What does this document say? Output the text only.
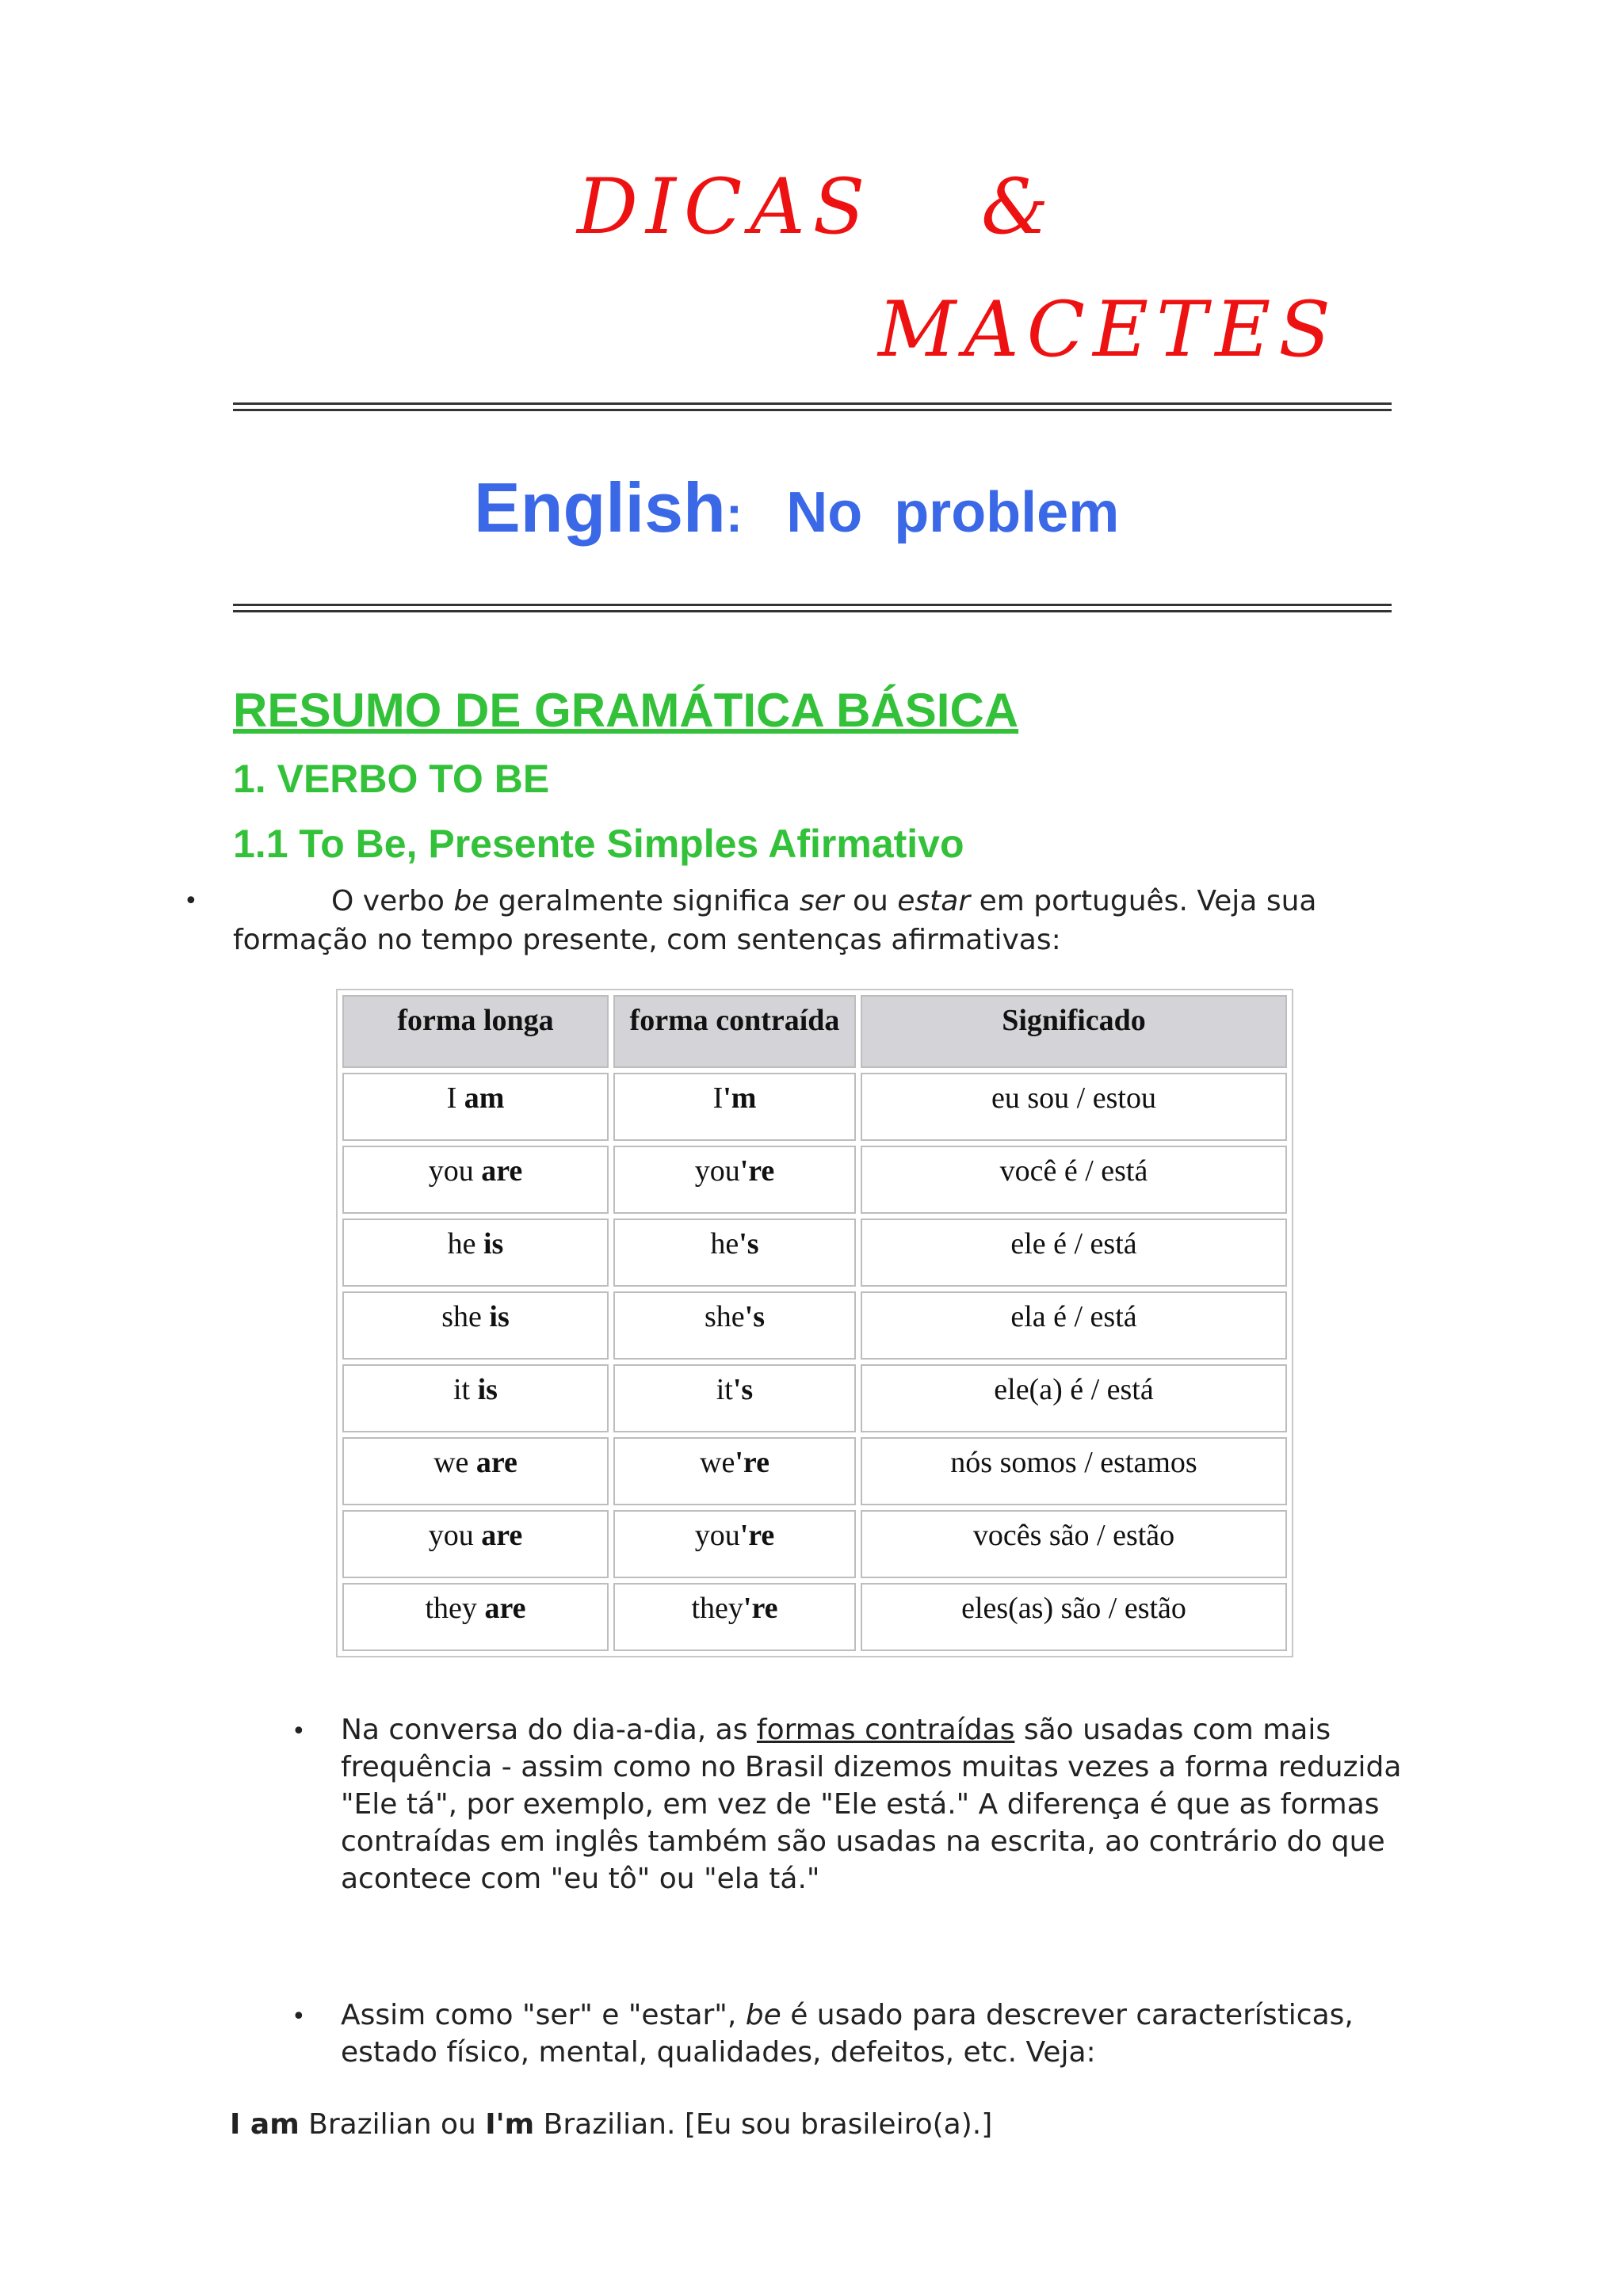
DICAS &
MACETES
English: No  problem
RESUMO DE GRAMÁTICA BÁSICA
1. VERBO TO BE
1.1 To Be, Presente Simples Afirmativo
•	O verbo be geralmente significa ser ou estar em português. Veja sua
formação no tempo presente, com sentenças afirmativas:
forma longa	forma contraída	Significado
I am	I'm	eu sou / estou
you are	you're	você é / está
he is	he's	ele é / está
she is	she's	ela é / está
it is	it's	ele(a) é / está
we are	we're	nós somos / estamos
you are	you're	vocês são / estão
they are	they're	eles(as) são / estão
• Na conversa do dia-a-dia, as formas contraídas são usadas com mais
frequência - assim como no Brasil dizemos muitas vezes a forma reduzida
"Ele tá", por exemplo, em vez de "Ele está." A diferença é que as formas
contraídas em inglês também são usadas na escrita, ao contrário do que
acontece com "eu tô" ou "ela tá."
• Assim como "ser" e "estar", be é usado para descrever características,
estado físico, mental, qualidades, defeitos, etc. Veja:
I am Brazilian ou I'm Brazilian. [Eu sou brasileiro(a).]
